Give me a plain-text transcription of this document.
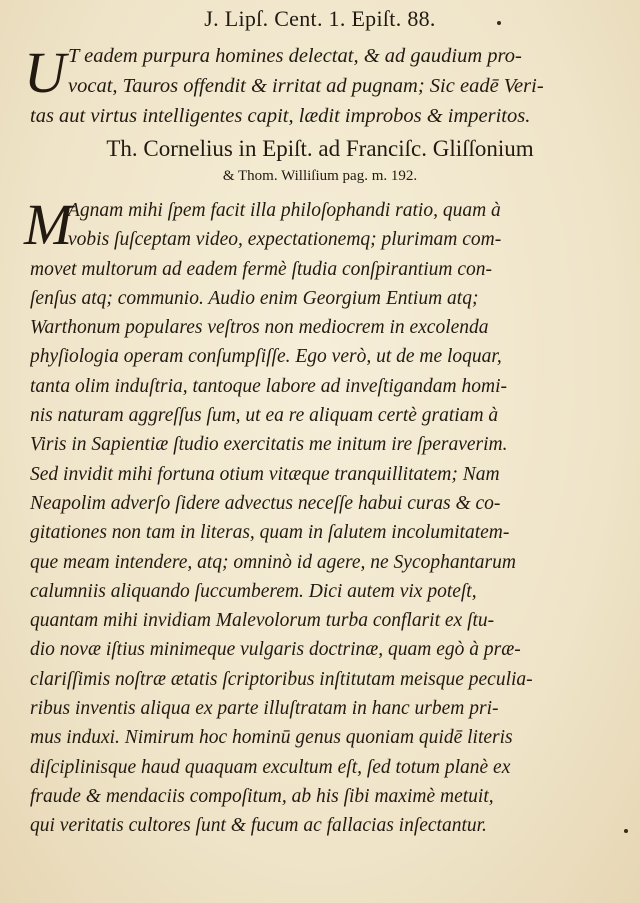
J. Lipſ. Cent. 1. Epiſt. 88.
U T eadem purpura homines delectat, & ad gaudium pro-
vocat, Tauros offendit & irritat ad pugnam; Sic eadē Veri-
tas aut virtus intelligentes capit, lædit improbos & imperitos.
Th. Cornelius in Epiſt. ad Franciſc. Gliſſonium
& Thom. Williſium pag. m. 192.
M
Agnam mihi ſpem facit illa philoſophandi ratio, quam à
vobis ſuſceptam video, expectationemq; plurimam com-
movet multorum ad eadem fermè ſtudia conſpirantium con-
ſenſus atq; communio. Audio enim Georgium Entium atq;
Warthonum populares veſtros non mediocrem in excolenda
phyſiologia operam conſumpſiſſe. Ego verò, ut de me loquar,
tanta olim induſtria, tantoque labore ad inveſtigandam homi-
nis naturam aggreſſus ſum, ut ea re aliquam certè gratiam à
Viris in Sapientiæ ſtudio exercitatis me initum ire ſperaverim.
Sed invidit mihi fortuna otium vitæque tranquillitatem; Nam
Neapolim adverſo ſidere advectus neceſſe habui curas & co-
gitationes non tam in literas, quam in ſalutem incolumitatem-
que meam intendere, atq; omninò id agere, ne Sycophantarum
calumniis aliquando ſuccumberem. Dici autem vix poteſt,
quantam mihi invidiam Malevolorum turba conflarit ex ſtu-
dio novæ iſtius minimeque vulgaris doctrinæ, quam egò à præ-
clariſſimis noſtræ ætatis ſcriptoribus inſtitutam meisque peculia-
ribus inventis aliqua ex parte illuſtratam in hanc urbem pri-
mus induxi. Nimirum hoc hominū genus quoniam quidē literis
diſciplinisque haud quaquam excultum eſt, ſed totum planè ex
fraude & mendaciis compoſitum, ab his ſibi maximè metuit,
qui veritatis cultores ſunt & fucum ac fallacias inſectantur.
